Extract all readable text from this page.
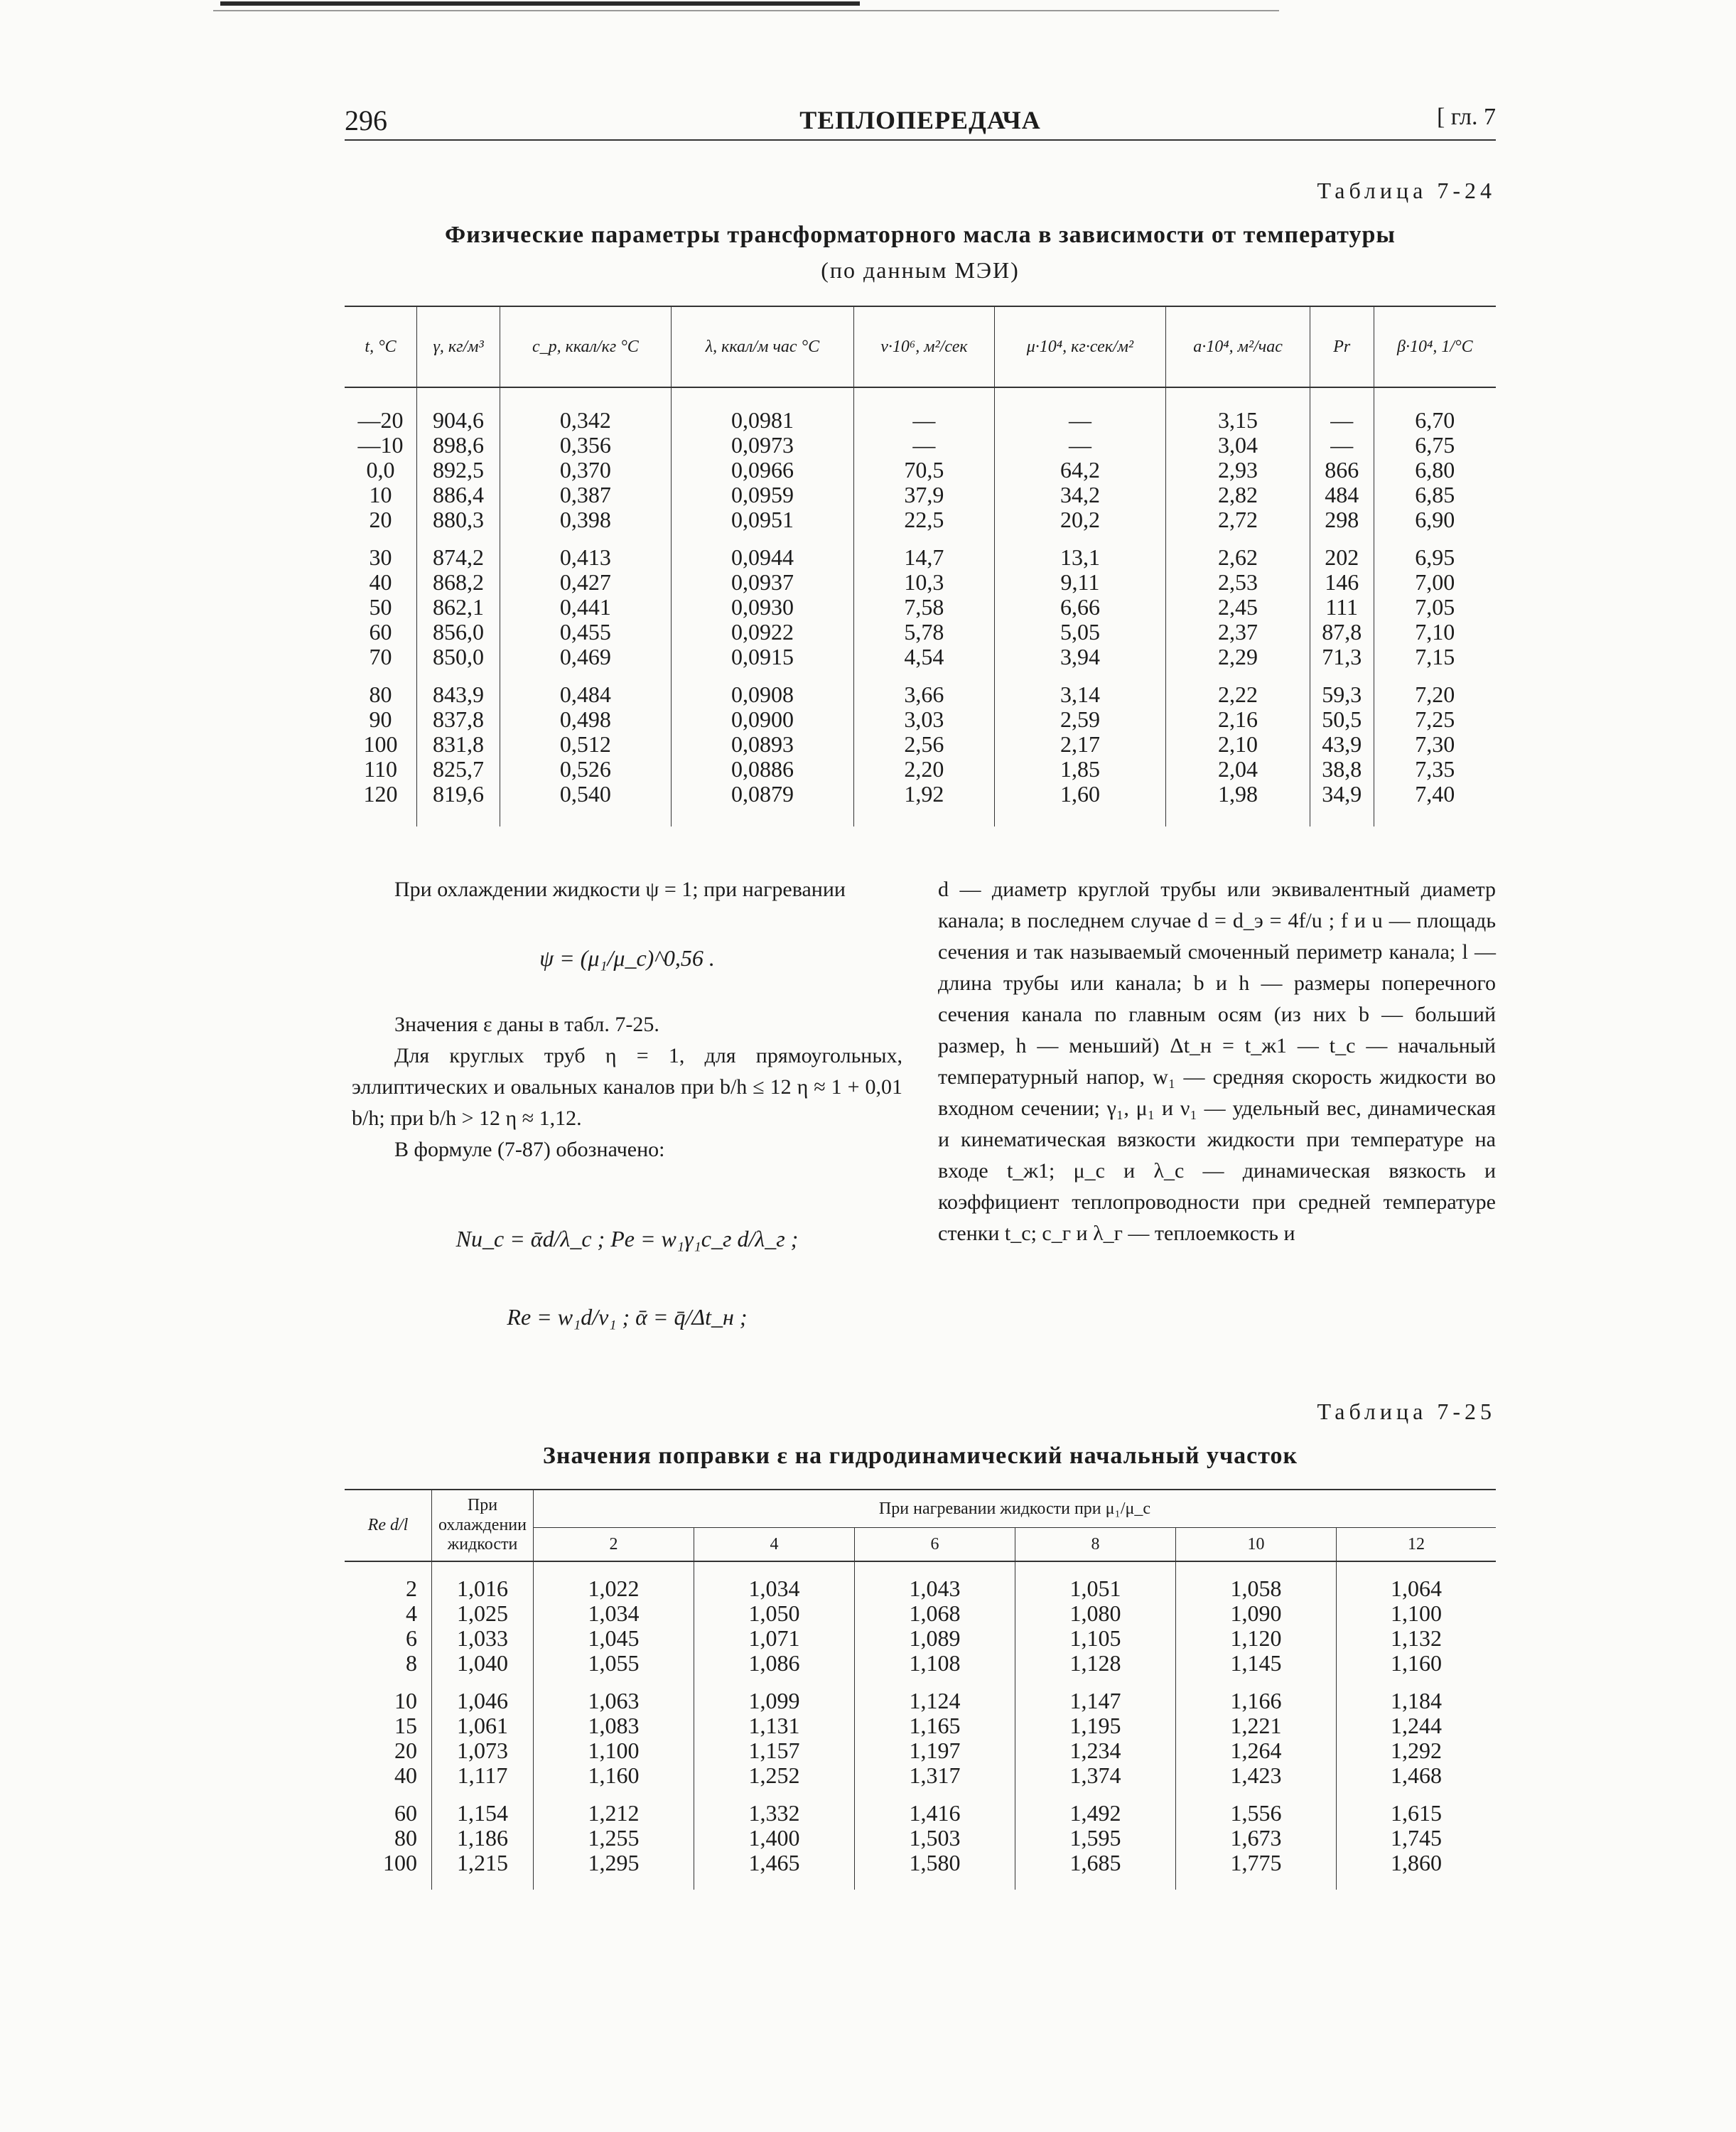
296	ТЕПЛОПЕРЕДАЧА	[ гл. 7
Таблица 7-24
Физические параметры трансформаторного масла в зависимости от температуры
(по данным МЭИ)
t, °С	γ, кг/м³	c_p, ккал/кг °С	λ, ккал/м час °С	ν·10⁶, м²/сек	μ·10⁴, кг·сек/м²	a·10⁴, м²/час	Pr	β·10⁴, 1/°С
—20	904,6	0,342	0,0981	—	—	3,15	—	6,70
—10	898,6	0,356	0,0973	—	—	3,04	—	6,75
0,0	892,5	0,370	0,0966	70,5	64,2	2,93	866	6,80
10	886,4	0,387	0,0959	37,9	34,2	2,82	484	6,85
20	880,3	0,398	0,0951	22,5	20,2	2,72	298	6,90

30	874,2	0,413	0,0944	14,7	13,1	2,62	202	6,95
40	868,2	0,427	0,0937	10,3	9,11	2,53	146	7,00
50	862,1	0,441	0,0930	7,58	6,66	2,45	111	7,05
60	856,0	0,455	0,0922	5,78	5,05	2,37	87,8	7,10
70	850,0	0,469	0,0915	4,54	3,94	2,29	71,3	7,15

80	843,9	0,484	0,0908	3,66	3,14	2,22	59,3	7,20
90	837,8	0,498	0,0900	3,03	2,59	2,16	50,5	7,25
100	831,8	0,512	0,0893	2,56	2,17	2,10	43,9	7,30
110	825,7	0,526	0,0886	2,20	1,85	2,04	38,8	7,35
120	819,6	0,540	0,0879	1,92	1,60	1,98	34,9	7,40

При охлаждении жидкости ψ = 1; при нагревании

ψ = (μ₁/μ_c)^0,56 .

Значения ε даны в табл. 7-25.

Для круглых труб η = 1, для прямоугольных, эллиптических и овальных каналов при b/h ≤ 12 η ≈ 1 + 0,01 b/h; при b/h > 12 η ≈ 1,12.

В формуле (7-87) обозначено:

Nu_c = ᾱd/λ_c ; Pe = w₁γ₁c_г d/λ_г ;
Re = w₁d/ν₁ ; ᾱ = q̄/Δt_н ;

d — диаметр круглой трубы или эквивалентный диаметр канала; в последнем случае d = d_э = 4f/u ; f и u — площадь сечения и так называемый смоченный периметр канала; l — длина трубы или канала; b и h — размеры поперечного сечения канала по главным осям (из них b — больший размер, h — меньший) Δt_н = t_ж1 — t_c — начальный температурный напор, w₁ — средняя скорость жидкости во входном сечении; γ₁, μ₁ и ν₁ — удельный вес, динамическая и кинематическая вязкости жидкости при температуре на входе t_ж1; μ_c и λ_c — динамическая вязкость и коэффициент теплопроводности при средней температуре стенки t_c; c_г и λ_г — теплоемкость и

Таблица 7-25
Значения поправки ε на гидродинамический начальный участок
Re d/l	При охлаждении жидкости	При нагревании жидкости при μ₁/μ_c					
		2	4	6	8	10	12
2	1,016	1,022	1,034	1,043	1,051	1,058	1,064
4	1,025	1,034	1,050	1,068	1,080	1,090	1,100
6	1,033	1,045	1,071	1,089	1,105	1,120	1,132
8	1,040	1,055	1,086	1,108	1,128	1,145	1,160

10	1,046	1,063	1,099	1,124	1,147	1,166	1,184
15	1,061	1,083	1,131	1,165	1,195	1,221	1,244
20	1,073	1,100	1,157	1,197	1,234	1,264	1,292
40	1,117	1,160	1,252	1,317	1,374	1,423	1,468

60	1,154	1,212	1,332	1,416	1,492	1,556	1,615
80	1,186	1,255	1,400	1,503	1,595	1,673	1,745
100	1,215	1,295	1,465	1,580	1,685	1,775	1,860
